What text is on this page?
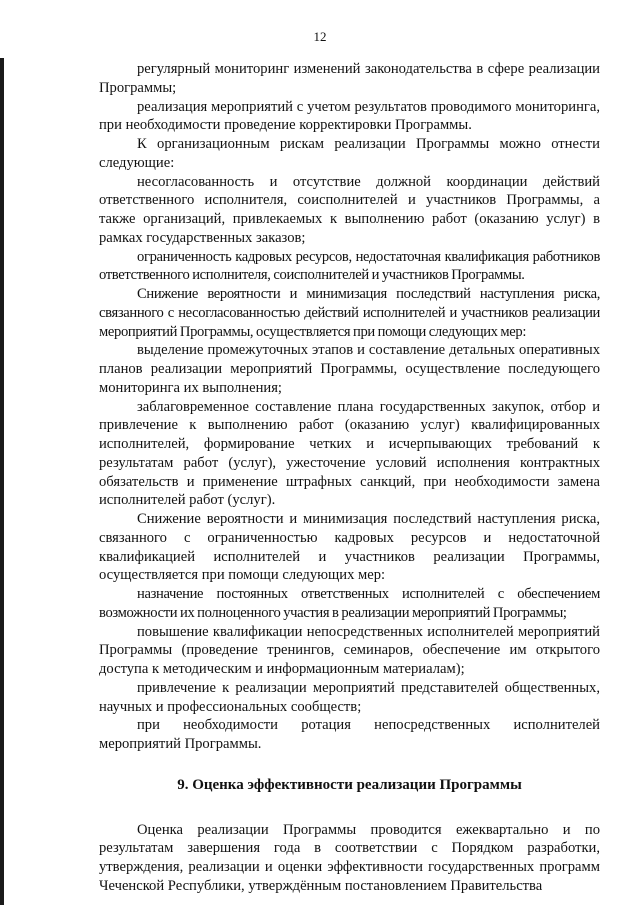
12

регулярный мониторинг изменений законодательства в сфере реализации Программы;

реализация мероприятий с учетом результатов проводимого мониторинга, при необходимости проведение корректировки Программы.

К организационным рискам реализации Программы можно отнести следующие:

несогласованность и отсутствие должной координации действий ответственного исполнителя, соисполнителей и участников Программы, а также организаций, привлекаемых к выполнению работ (оказанию услуг) в рамках государственных заказов;

ограниченность кадровых ресурсов, недостаточная квалификация работников ответственного исполнителя, соисполнителей и участников Программы.

Снижение вероятности и минимизация последствий наступления риска, связанного с несогласованностью действий исполнителей и участников реализации мероприятий Программы, осуществляется при помощи следующих мер:

выделение промежуточных этапов и составление детальных оперативных планов реализации мероприятий Программы, осуществление последующего мониторинга их выполнения;

заблаговременное составление плана государственных закупок, отбор и привлечение к выполнению работ (оказанию услуг) квалифицированных исполнителей, формирование четких и исчерпывающих требований к результатам работ (услуг), ужесточение условий исполнения контрактных обязательств и применение штрафных санкций, при необходимости замена исполнителей работ (услуг).

Снижение вероятности и минимизация последствий наступления риска, связанного с ограниченностью кадровых ресурсов и недостаточной квалификацией исполнителей и участников реализации Программы, осуществляется при помощи следующих мер:

назначение постоянных ответственных исполнителей с обеспечением возможности их полноценного участия в реализации мероприятий Программы;

повышение квалификации непосредственных исполнителей мероприятий Программы (проведение тренингов, семинаров, обеспечение им открытого доступа к методическим и информационным материалам);

привлечение к реализации мероприятий представителей общественных, научных и профессиональных сообществ;

при необходимости ротация непосредственных исполнителей мероприятий Программы.

9. Оценка эффективности реализации Программы

Оценка реализации Программы проводится ежеквартально и по результатам завершения года в соответствии с Порядком разработки, утверждения, реализации и оценки эффективности государственных программ Чеченской Республики, утверждённым постановлением Правительства
